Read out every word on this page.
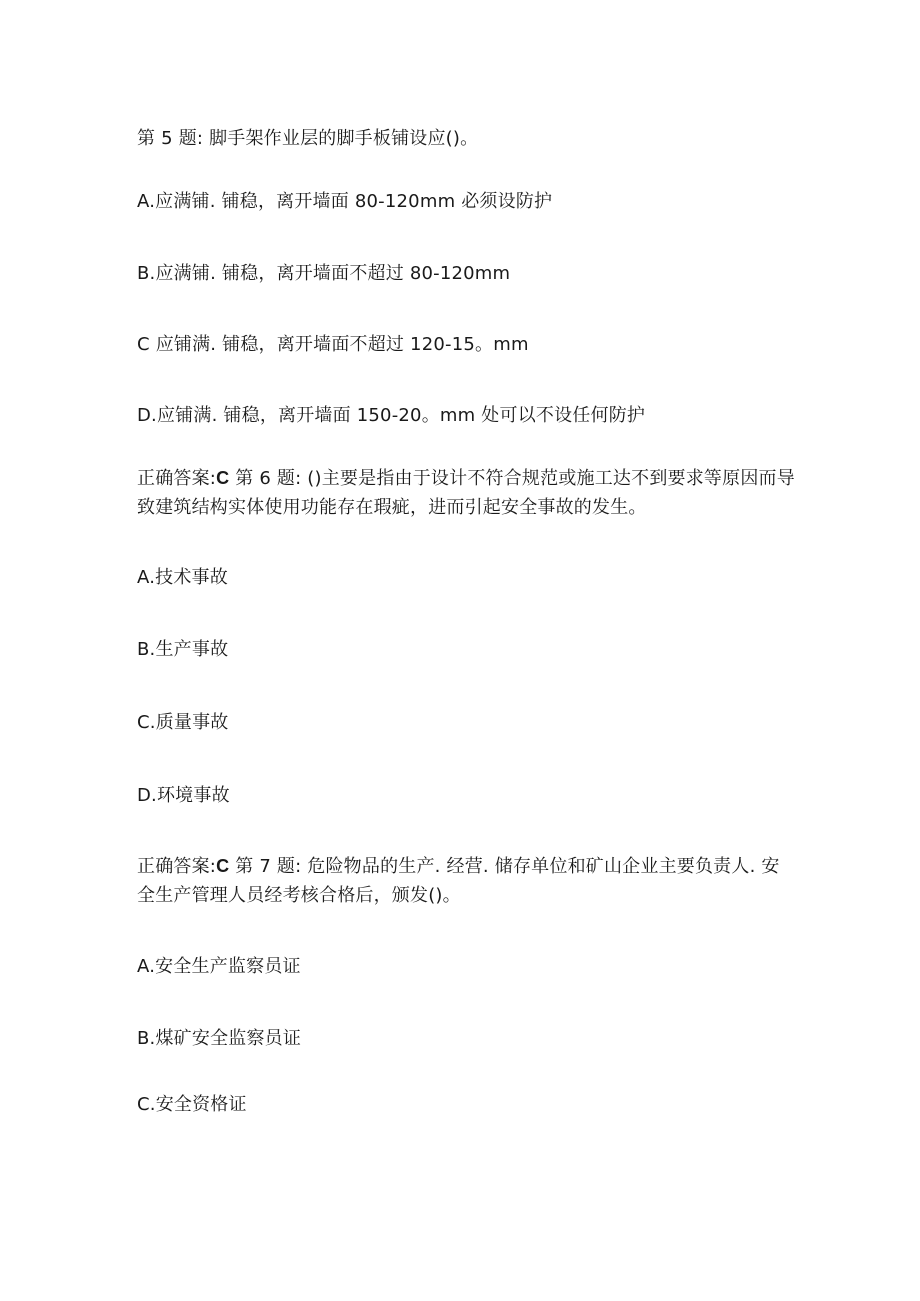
第 5 题: 脚手架作业层的脚手板铺设应()。
A.应满铺. 铺稳，离开墙面 80-120mm 必须设防护
B.应满铺. 铺稳，离开墙面不超过 80-120mm
C 应铺满. 铺稳，离开墙面不超过 120-15。mm
D.应铺满. 铺稳，离开墙面 150-20。mm 处可以不设任何防护
正确答案:C 第 6 题: ()主要是指由于设计不符合规范或施工达不到要求等原因而导致建筑结构实体使用功能存在瑕疵，进而引起安全事故的发生。
A.技术事故
B.生产事故
C.质量事故
D.环境事故
正确答案:C 第 7 题: 危险物品的生产. 经营. 储存单位和矿山企业主要负责人. 安全生产管理人员经考核合格后，颁发()。
A.安全生产监察员证
B.煤矿安全监察员证
C.安全资格证
